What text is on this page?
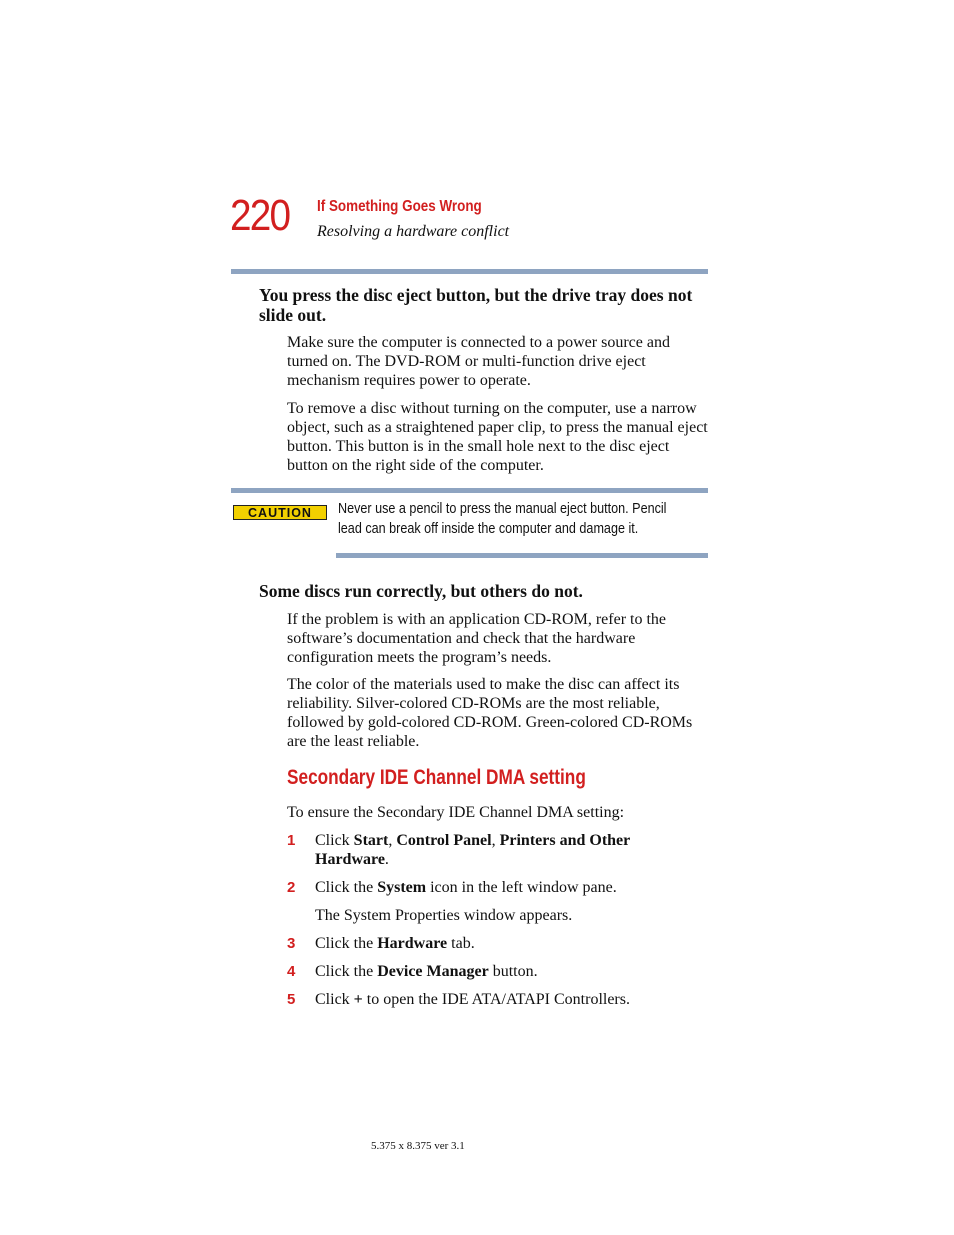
220 If Something Goes Wrong
Resolving a hardware conflict
You press the disc eject button, but the drive tray does not slide out.
Make sure the computer is connected to a power source and turned on. The DVD-ROM or multi-function drive eject mechanism requires power to operate.
To remove a disc without turning on the computer, use a narrow object, such as a straightened paper clip, to press the manual eject button. This button is in the small hole next to the disc eject button on the right side of the computer.
CAUTION Never use a pencil to press the manual eject button. Pencil lead can break off inside the computer and damage it.
Some discs run correctly, but others do not.
If the problem is with an application CD-ROM, refer to the software’s documentation and check that the hardware configuration meets the program’s needs.
The color of the materials used to make the disc can affect its reliability. Silver-colored CD-ROMs are the most reliable, followed by gold-colored CD-ROM. Green-colored CD-ROMs are the least reliable.
Secondary IDE Channel DMA setting
To ensure the Secondary IDE Channel DMA setting:
1 Click Start, Control Panel, Printers and Other Hardware.
2 Click the System icon in the left window pane.
The System Properties window appears.
3 Click the Hardware tab.
4 Click the Device Manager button.
5 Click + to open the IDE ATA/ATAPI Controllers.
5.375 x 8.375 ver 3.1
